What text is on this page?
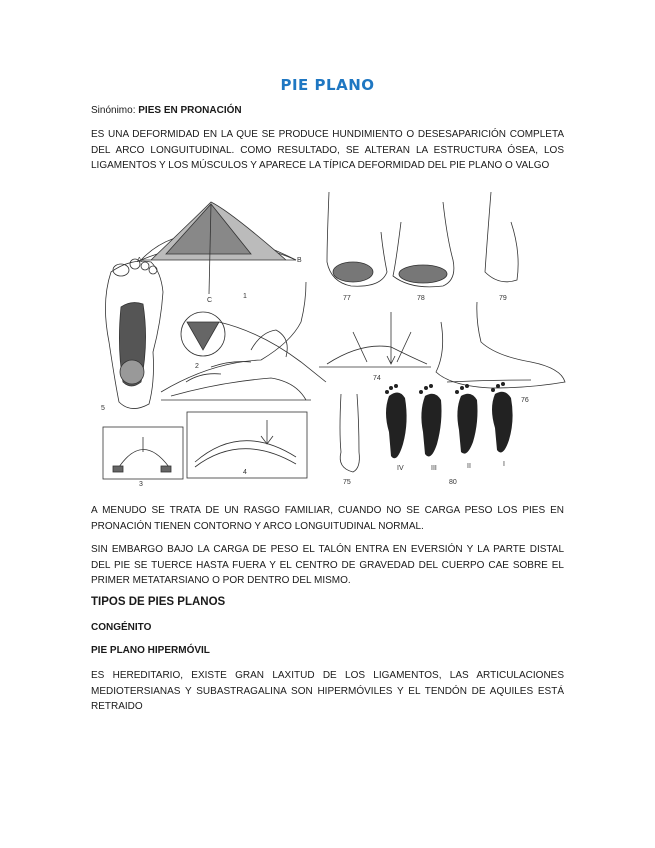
PIE PLANO

Sinónimo: PIES EN PRONACIÓN

ES UNA DEFORMIDAD EN LA QUE SE PRODUCE HUNDIMIENTO O DESESAPARICIÓN COMPLETA DEL ARCO LONGUITUDINAL. COMO RESULTADO, SE ALTERAN LA ESTRUCTURA ÓSEA, LOS LIGAMENTOS Y LOS MÚSCULOS Y APARECE LA TÍPICA DEFORMIDAD DEL PIE PLANO O VALGO

1
2
3
4
5
77	78	79
74
76
75	80
A	B
C
IV	III	II	I

A MENUDO SE TRATA DE UN RASGO FAMILIAR, CUANDO NO SE CARGA PESO LOS PIES EN PRONACIÓN TIENEN CONTORNO Y ARCO LONGUITUDINAL NORMAL.

SIN EMBARGO BAJO LA CARGA DE PESO EL TALÓN ENTRA EN EVERSIÓN Y LA PARTE DISTAL DEL PIE SE TUERCE HASTA FUERA Y EL CENTRO DE GRAVEDAD DEL CUERPO CAE SOBRE EL PRIMER METATARSIANO O POR DENTRO DEL MISMO.

TIPOS DE PIES PLANOS

CONGÉNITO

PIE PLANO HIPERMÓVIL

ES HEREDITARIO, EXISTE GRAN LAXITUD DE LOS LIGAMENTOS, LAS ARTICULACIONES MEDIOTERSIANAS Y SUBASTRAGALINA SON HIPERMÓVILES Y EL TENDÓN DE AQUILES ESTÁ RETRAIDO
